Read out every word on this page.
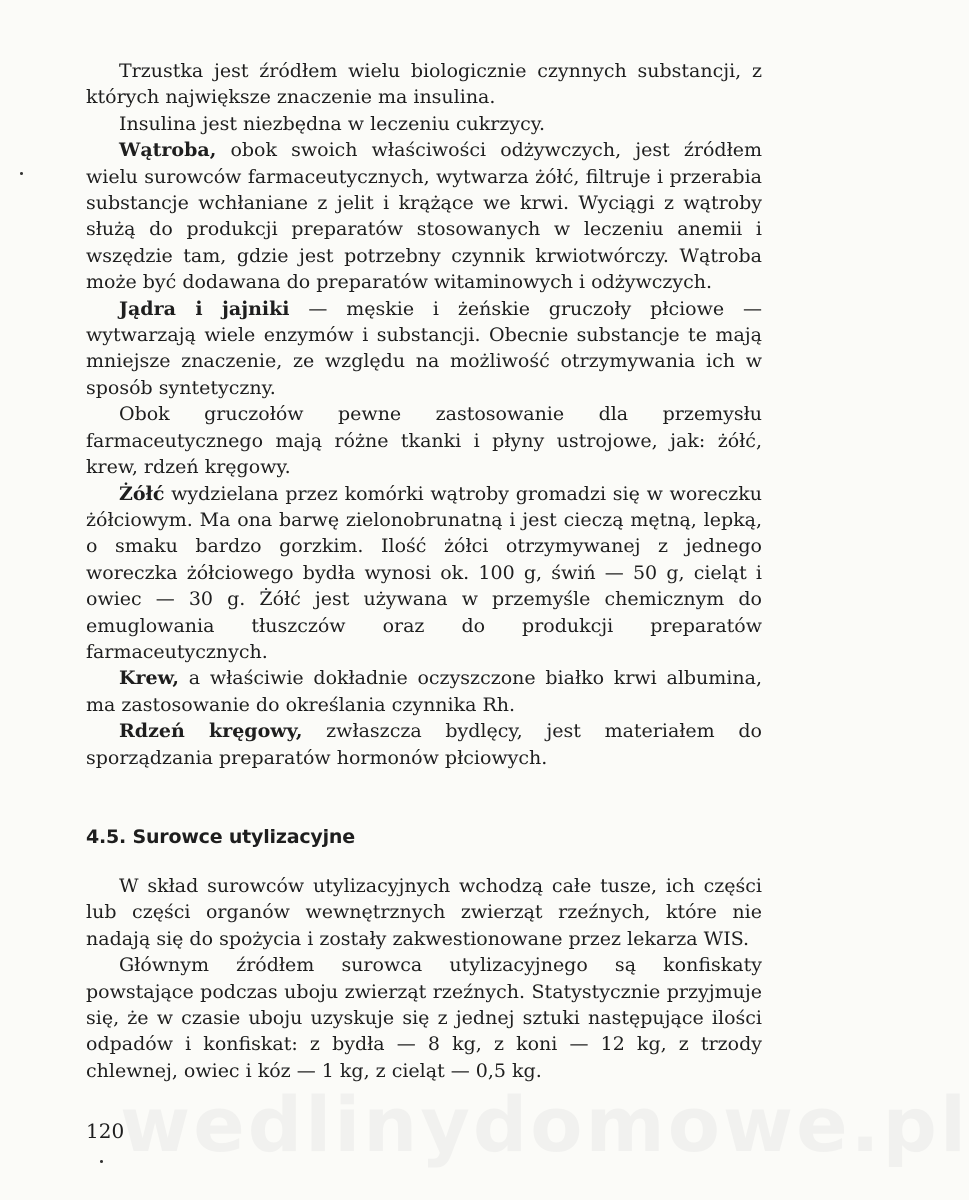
Trzustka jest źródłem wielu biologicznie czynnych substancji, z których największe znaczenie ma insulina.

Insulina jest niezbędna w leczeniu cukrzycy.

Wątroba, obok swoich właściwości odżywczych, jest źródłem wielu surowców farmaceutycznych, wytwarza żółć, filtruje i przerabia substancje wchłaniane z jelit i krążące we krwi. Wyciągi z wątroby służą do produkcji preparatów stosowanych w leczeniu anemii i wszędzie tam, gdzie jest potrzebny czynnik krwiotwórczy. Wątroba może być dodawana do preparatów witaminowych i odżywczych.

Jądra i jajniki — męskie i żeńskie gruczoły płciowe — wytwarzają wiele enzymów i substancji. Obecnie substancje te mają mniejsze znaczenie, ze względu na możliwość otrzymywania ich w sposób syntetyczny.

Obok gruczołów pewne zastosowanie dla przemysłu farmaceutycznego mają różne tkanki i płyny ustrojowe, jak: żółć, krew, rdzeń kręgowy.

Żółć wydzielana przez komórki wątroby gromadzi się w woreczku żółciowym. Ma ona barwę zielonobrunatną i jest cieczą mętną, lepką, o smaku bardzo gorzkim. Ilość żółci otrzymywanej z jednego woreczka żółciowego bydła wynosi ok. 100 g, świń — 50 g, cieląt i owiec — 30 g. Żółć jest używana w przemyśle chemicznym do emuglowania tłuszczów oraz do produkcji preparatów farmaceutycznych.

Krew, a właściwie dokładnie oczyszczone białko krwi albumina, ma zastosowanie do określania czynnika Rh.

Rdzeń kręgowy, zwłaszcza bydlęcy, jest materiałem do sporządzania preparatów hormonów płciowych.

4.5. Surowce utylizacyjne

W skład surowców utylizacyjnych wchodzą całe tusze, ich części lub części organów wewnętrznych zwierząt rzeźnych, które nie nadają się do spożycia i zostały zakwestionowane przez lekarza WIS.

Głównym źródłem surowca utylizacyjnego są konfiskaty powstające podczas uboju zwierząt rzeźnych. Statystycznie przyjmuje się, że w czasie uboju uzyskuje się z jednej sztuki następujące ilości odpadów i konfiskat: z bydła — 8 kg, z koni — 12 kg, z trzody chlewnej, owiec i kóz — 1 kg, z cieląt — 0,5 kg.

120
wedlinydomowe.pl
